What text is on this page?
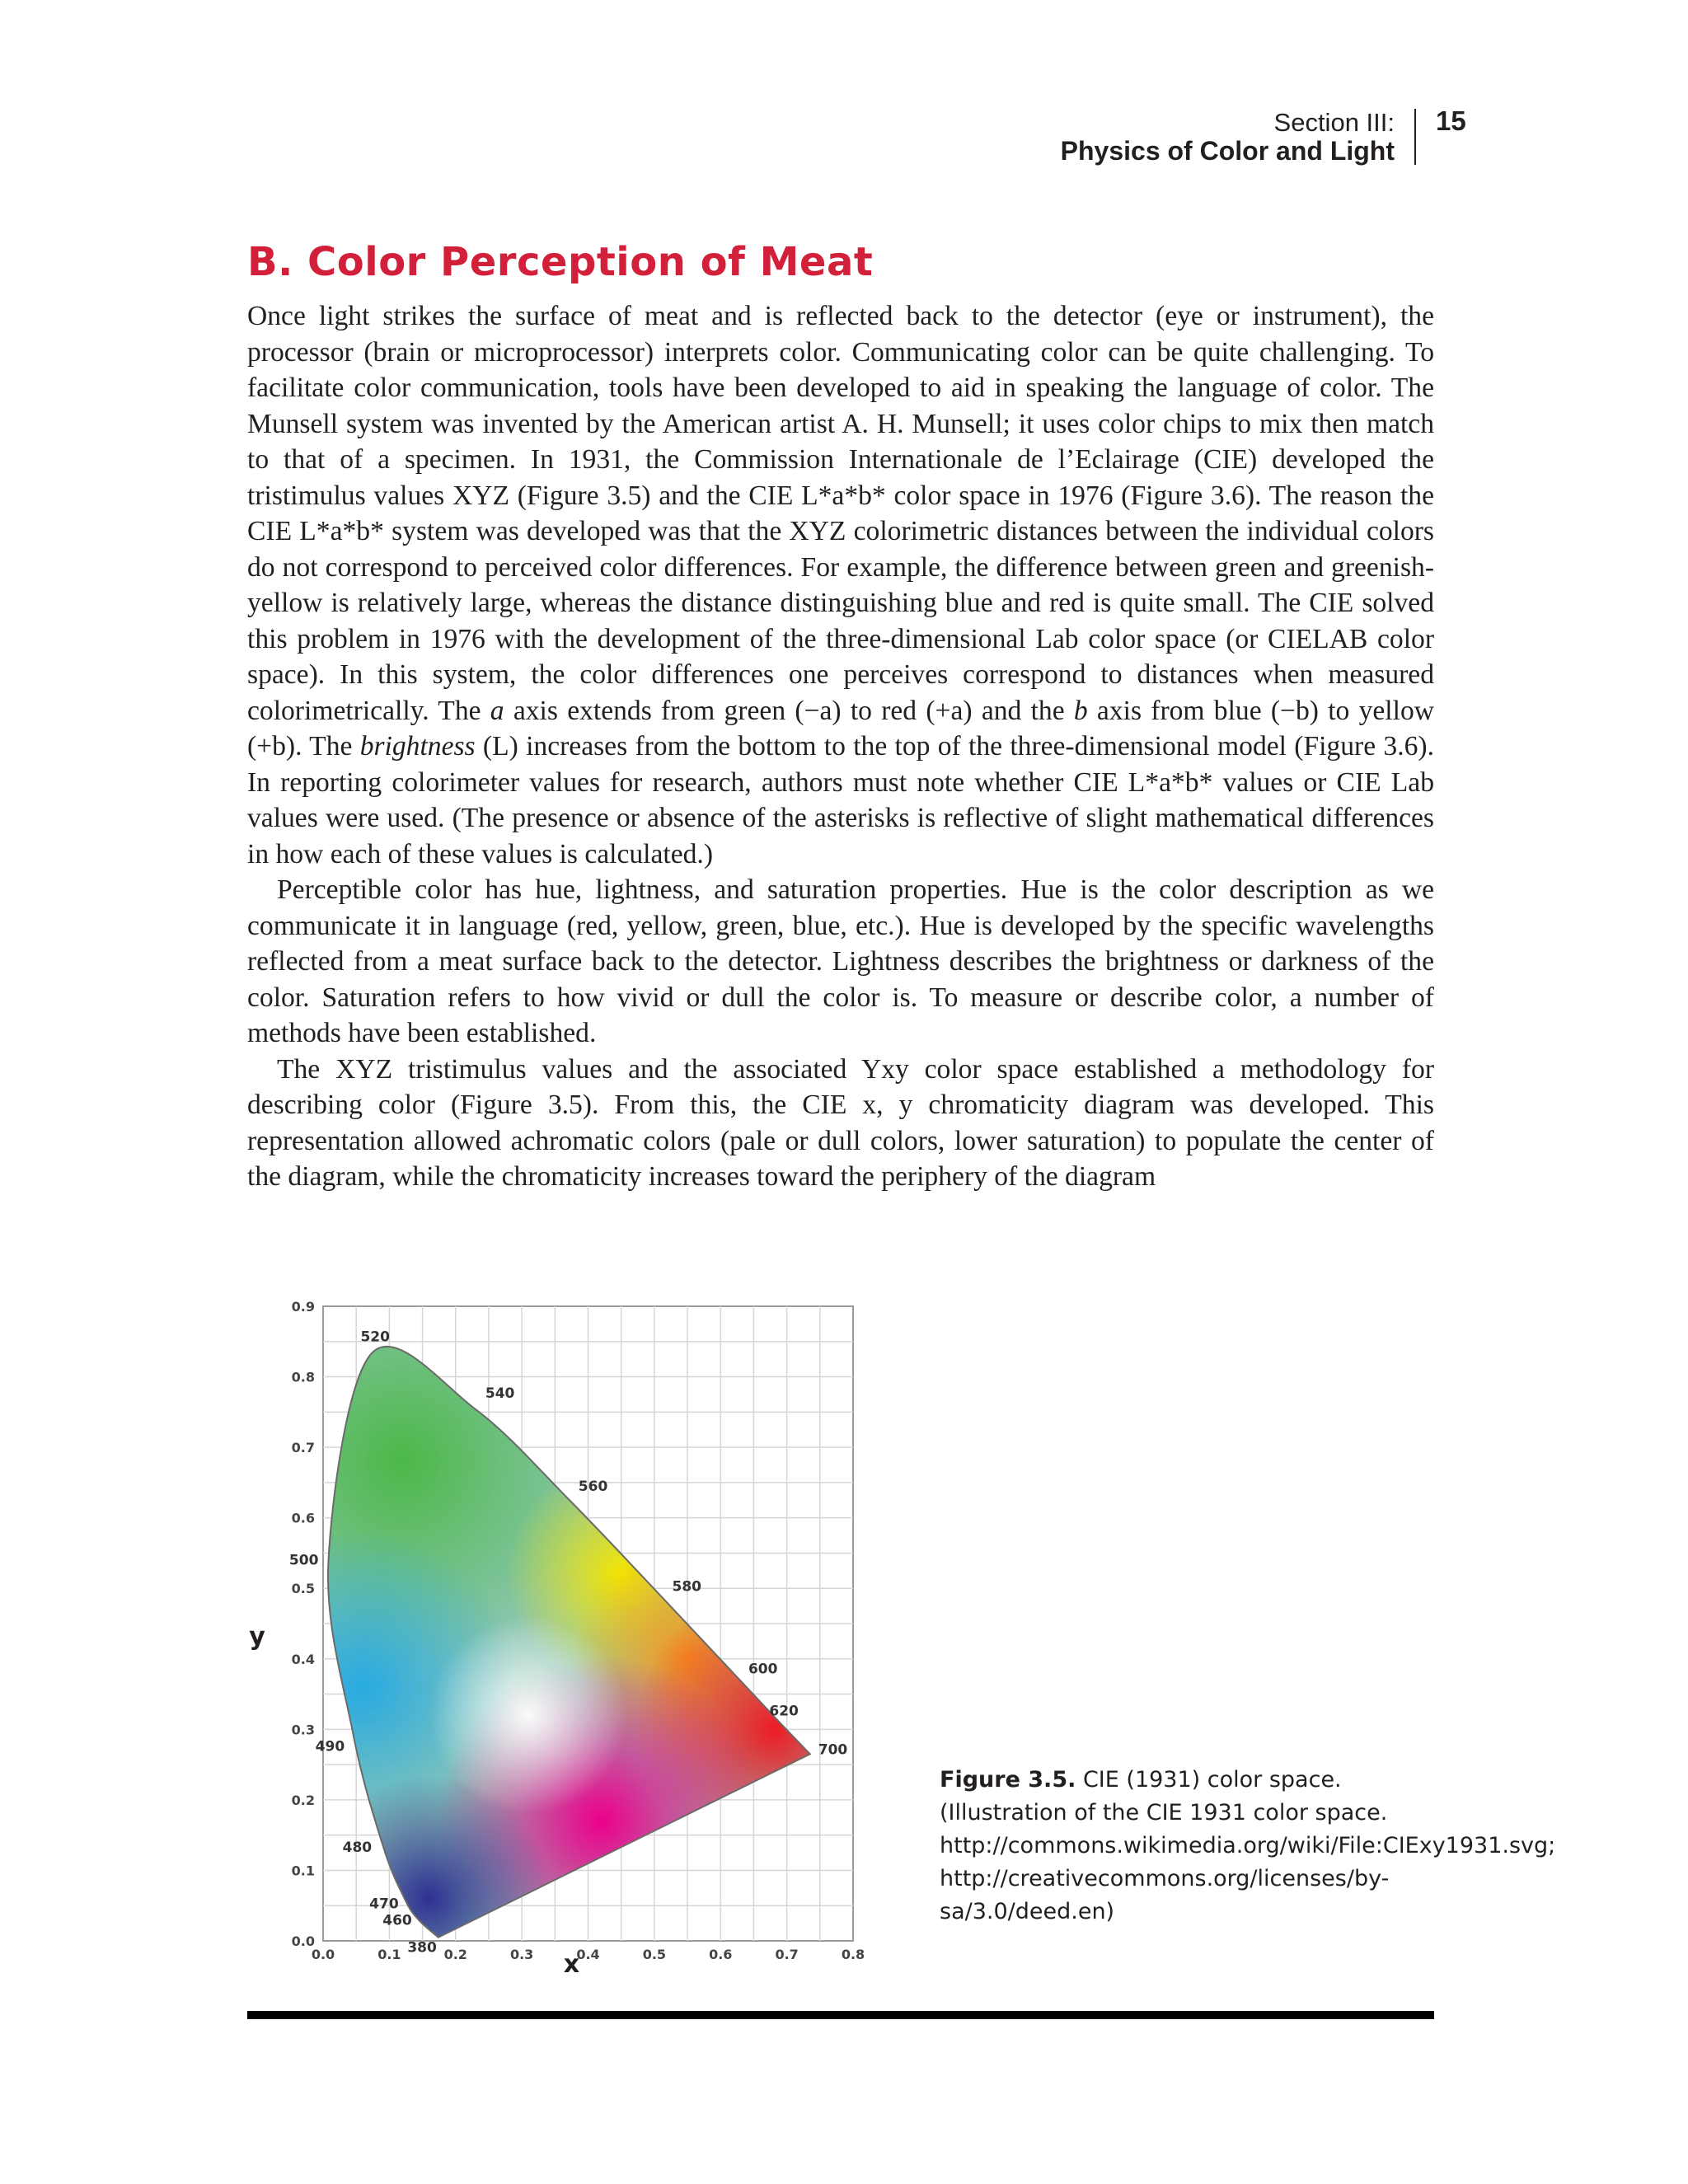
Section III:
Physics of Color and Light
15
B. Color Perception of Meat

Once light strikes the surface of meat and is reflected back to the detector (eye or instrument), the processor (brain or microprocessor) interprets color. Communicating color can be quite challenging. To facilitate color communication, tools have been developed to aid in speaking the language of color. The Munsell system was invented by the American artist A. H. Munsell; it uses color chips to mix then match to that of a specimen. In 1931, the Commission Internationale de l’Eclairage (CIE) developed the tristimulus values XYZ (Figure 3.5) and the CIE L*a*b* color space in 1976 (Figure 3.6). The reason the CIE L*a*b* system was developed was that the XYZ colorimetric distances between the individual colors do not correspond to perceived color differences. For example, the difference between green and greenish-yellow is relatively large, whereas the distance distinguishing blue and red is quite small. The CIE solved this problem in 1976 with the development of the three-dimensional Lab color space (or CIELAB color space). In this system, the color differences one perceives correspond to distances when measured colorimetrically. The a axis extends from green (−a) to red (+a) and the b axis from blue (−b) to yellow (+b). The brightness (L) increases from the bottom to the top of the three-dimensional model (Figure 3.6). In reporting colorimeter values for research, authors must note whether CIE L*a*b* values or CIE Lab values were used. (The presence or absence of the asterisks is reflective of slight mathematical differences in how each of these values is calculated.)

Perceptible color has hue, lightness, and saturation properties. Hue is the color description as we communicate it in language (red, yellow, green, blue, etc.). Hue is developed by the specific wavelengths reflected from a meat surface back to the detector. Lightness describes the brightness or darkness of the color. Saturation refers to how vivid or dull the color is. To measure or describe color, a number of methods have been established.

The XYZ tristimulus values and the associated Yxy color space established a methodology for describing color (Figure 3.5). From this, the CIE x, y chromaticity diagram was developed. This representation allowed achromatic colors (pale or dull colors, lower saturation) to populate the center of the diagram, while the chromaticity increases toward the periphery of the diagram

380
460
470
480
490
500
520
540
560
580
600
620
700
0.0	0.1	0.2	0.3	0.4	0.5	0.6	0.7	0.8
0.0
0.1
0.2
0.3
0.4
0.5
0.6
0.7
0.8
0.9
x
y
Figure 3.5. CIE (1931) color space. (Illustration of the CIE 1931 color space. http://commons.wikimedia.org/wiki/File:CIExy1931.svg; http://creativecommons.org/licenses/by-sa/3.0/deed.en)
